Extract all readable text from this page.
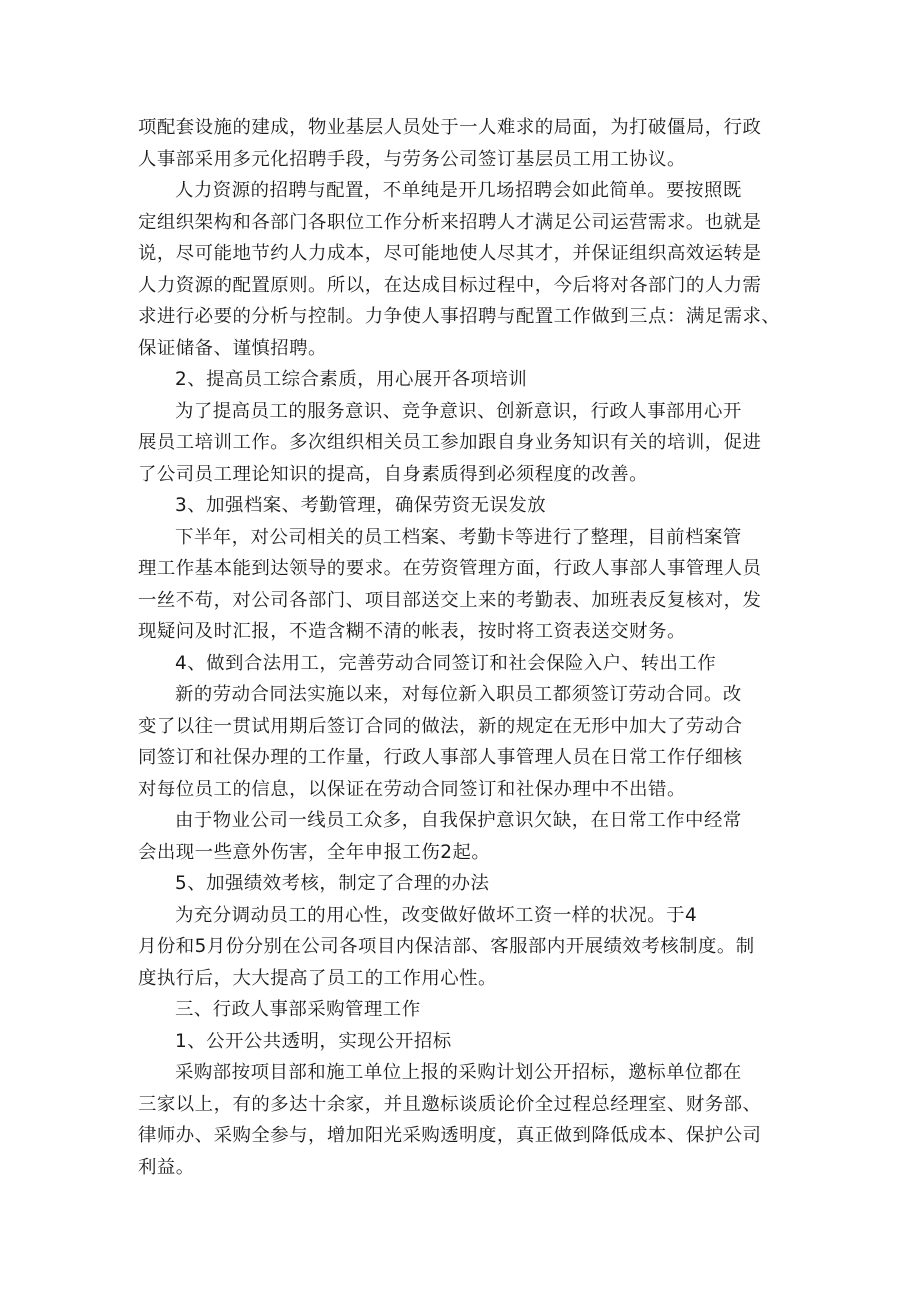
项配套设施的建成，物业基层人员处于一人难求的局面，为打破僵局，行政
人事部采用多元化招聘手段，与劳务公司签订基层员工用工协议。
人力资源的招聘与配置，不单纯是开几场招聘会如此简单。要按照既
定组织架构和各部门各职位工作分析来招聘人才满足公司运营需求。也就是
说，尽可能地节约人力成本，尽可能地使人尽其才，并保证组织高效运转是
人力资源的配置原则。所以，在达成目标过程中，今后将对各部门的人力需
求进行必要的分析与控制。力争使人事招聘与配置工作做到三点：满足需求、
保证储备、谨慎招聘。
2、提高员工综合素质，用心展开各项培训
为了提高员工的服务意识、竞争意识、创新意识，行政人事部用心开
展员工培训工作。多次组织相关员工参加跟自身业务知识有关的培训，促进
了公司员工理论知识的提高，自身素质得到必须程度的改善。
3、加强档案、考勤管理，确保劳资无误发放
下半年，对公司相关的员工档案、考勤卡等进行了整理，目前档案管
理工作基本能到达领导的要求。在劳资管理方面，行政人事部人事管理人员
一丝不苟，对公司各部门、项目部送交上来的考勤表、加班表反复核对，发
现疑问及时汇报，不造含糊不清的帐表，按时将工资表送交财务。
4、做到合法用工，完善劳动合同签订和社会保险入户、转出工作
新的劳动合同法实施以来，对每位新入职员工都须签订劳动合同。改
变了以往一贯试用期后签订合同的做法，新的规定在无形中加大了劳动合
同签订和社保办理的工作量，行政人事部人事管理人员在日常工作仔细核
对每位员工的信息，以保证在劳动合同签订和社保办理中不出错。
由于物业公司一线员工众多，自我保护意识欠缺，在日常工作中经常
会出现一些意外伤害，全年申报工伤2起。
5、加强绩效考核，制定了合理的办法
为充分调动员工的用心性，改变做好做坏工资一样的状况。于4
月份和5月份分别在公司各项目内保洁部、客服部内开展绩效考核制度。制
度执行后，大大提高了员工的工作用心性。
三、行政人事部采购管理工作
1、公开公共透明，实现公开招标
采购部按项目部和施工单位上报的采购计划公开招标，邀标单位都在
三家以上，有的多达十余家，并且邀标谈质论价全过程总经理室、财务部、
律师办、采购全参与，增加阳光采购透明度，真正做到降低成本、保护公司
利益。
